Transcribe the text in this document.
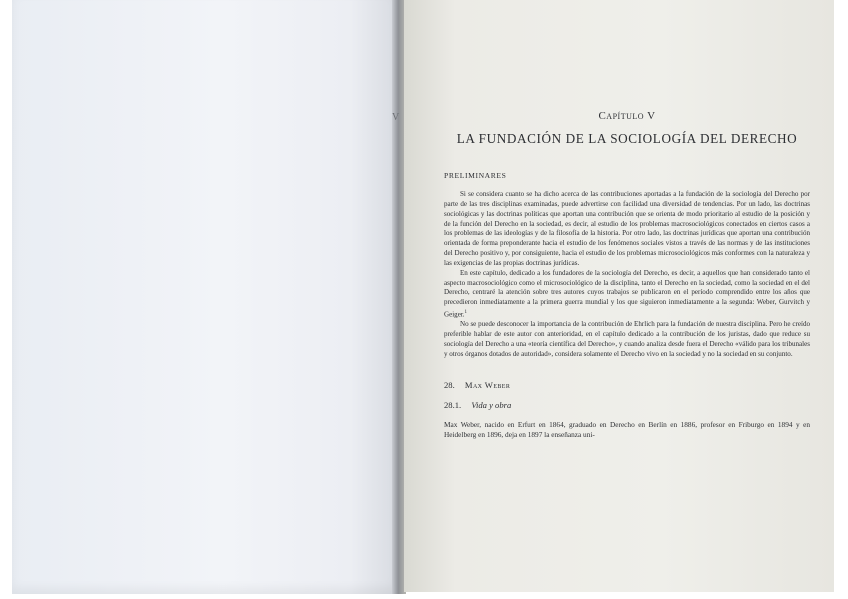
V	Capítulo V
LA FUNDACIÓN DE LA SOCIOLOGÍA DEL DERECHO
PRELIMINARES

Si se considera cuanto se ha dicho acerca de las contribuciones aportadas a la fundación de la sociología del Derecho por parte de las tres disciplinas examinadas, puede advertirse con facilidad una diversidad de tendencias. Por un lado, las doctrinas sociológicas y las doctrinas políticas que aportan una contribución que se orienta de modo prioritario al estudio de la posición y de la función del Derecho en la sociedad, es decir, al estudio de los problemas macrosociológicos conectados en ciertos casos a los problemas de las ideologías y de la filosofía de la historia. Por otro lado, las doctrinas jurídicas que aportan una contribución orientada de forma preponderante hacia el estudio de los fenómenos sociales vistos a través de las normas y de las instituciones del Derecho positivo y, por consiguiente, hacia el estudio de los problemas microsociológicos más conformes con la naturaleza y las exigencias de las propias doctrinas jurídicas.

En este capítulo, dedicado a los fundadores de la sociología del Derecho, es decir, a aquellos que han considerado tanto el aspecto macrosociológico como el microsociológico de la disciplina, tanto el Derecho en la sociedad, como la sociedad en el del Derecho, centraré la atención sobre tres autores cuyos trabajos se publicaron en el período comprendido entre los años que precedieron inmediatamente a la primera guerra mundial y los que siguieron inmediatamente a la segunda: Weber, Gurvitch y Geiger.$^1$

No se puede desconocer la importancia de la contribución de Ehrlich para la fundación de nuestra disciplina. Pero he creído preferible hablar de este autor con anterioridad, en el capítulo dedicado a la contribución de los juristas, dado que reduce su sociología del Derecho a una «teoría científica del Derecho», y cuando analiza desde fuera el Derecho «válido para los tribunales y otros órganos dotados de autoridad», considera solamente el Derecho vivo en la sociedad y no la sociedad en su conjunto.

28. Max Weber
28.1. Vida y obra

Max Weber, nacido en Erfurt en 1864, graduado en Derecho en Berlín en 1886, profesor en Friburgo en 1894 y en Heidelberg en 1896, deja en 1897 la enseñanza uni-
